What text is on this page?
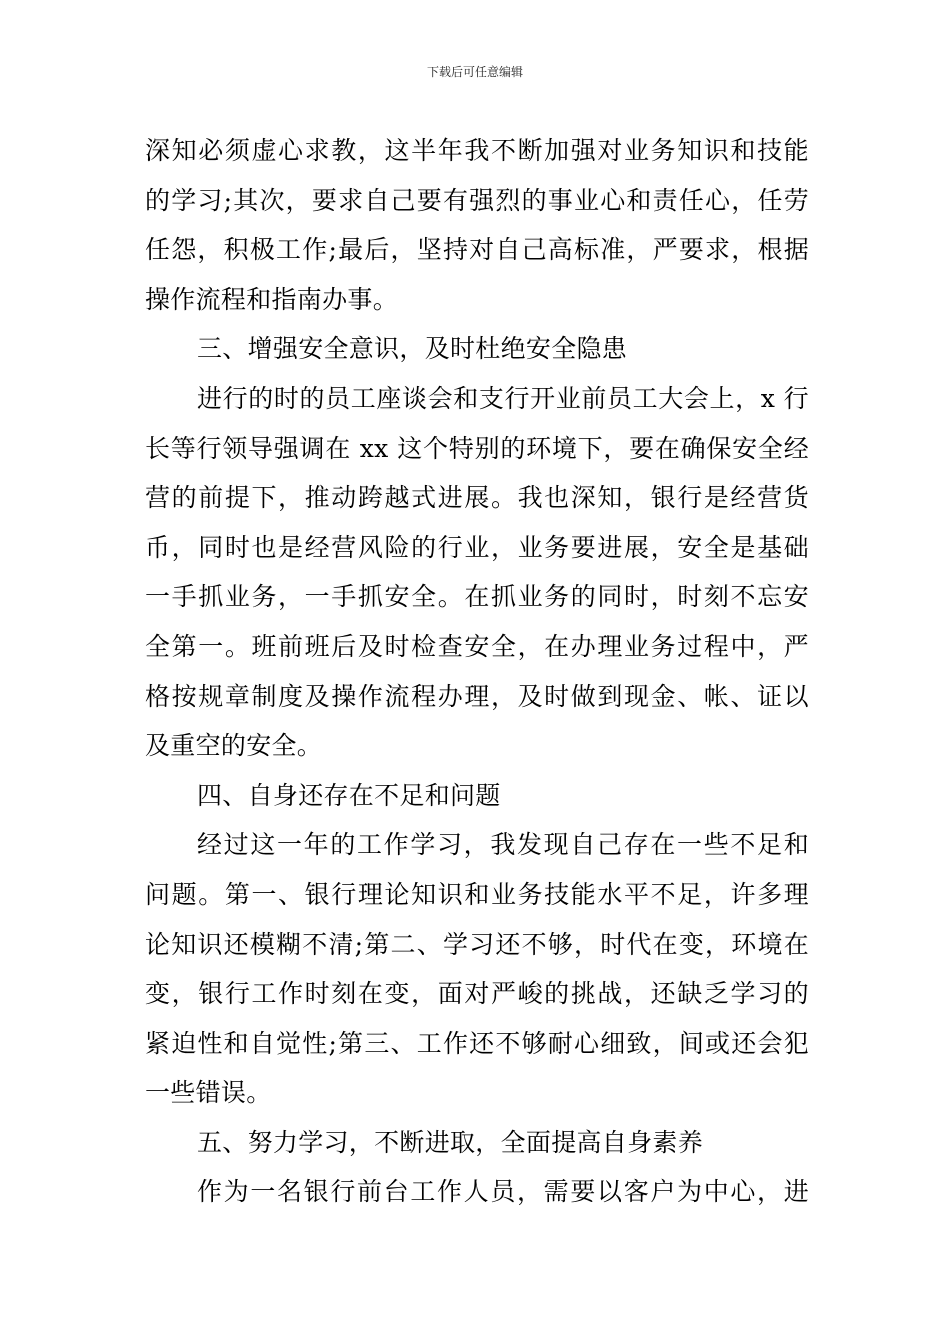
下载后可任意编辑
深知必须虚心求教，这半年我不断加强对业务知识和技能
的学习;其次，要求自己要有强烈的事业心和责任心，任劳
任怨，积极工作;最后，坚持对自己高标准，严要求，根据
操作流程和指南办事。
三、增强安全意识，及时杜绝安全隐患
进行的时的员工座谈会和支行开业前员工大会上，x 行
长等行领导强调在 xx 这个特别的环境下，要在确保安全经
营的前提下，推动跨越式进展。我也深知，银行是经营货
币，同时也是经营风险的行业，业务要进展，安全是基础
一手抓业务，一手抓安全。在抓业务的同时，时刻不忘安
全第一。班前班后及时检查安全，在办理业务过程中，严
格按规章制度及操作流程办理，及时做到现金、帐、证以
及重空的安全。
四、自身还存在不足和问题
经过这一年的工作学习，我发现自己存在一些不足和
问题。第一、银行理论知识和业务技能水平不足，许多理
论知识还模糊不清;第二、学习还不够，时代在变，环境在
变，银行工作时刻在变，面对严峻的挑战，还缺乏学习的
紧迫性和自觉性;第三、工作还不够耐心细致，间或还会犯
一些错误。
五、努力学习，不断进取，全面提高自身素养
作为一名银行前台工作人员，需要以客户为中心，进
